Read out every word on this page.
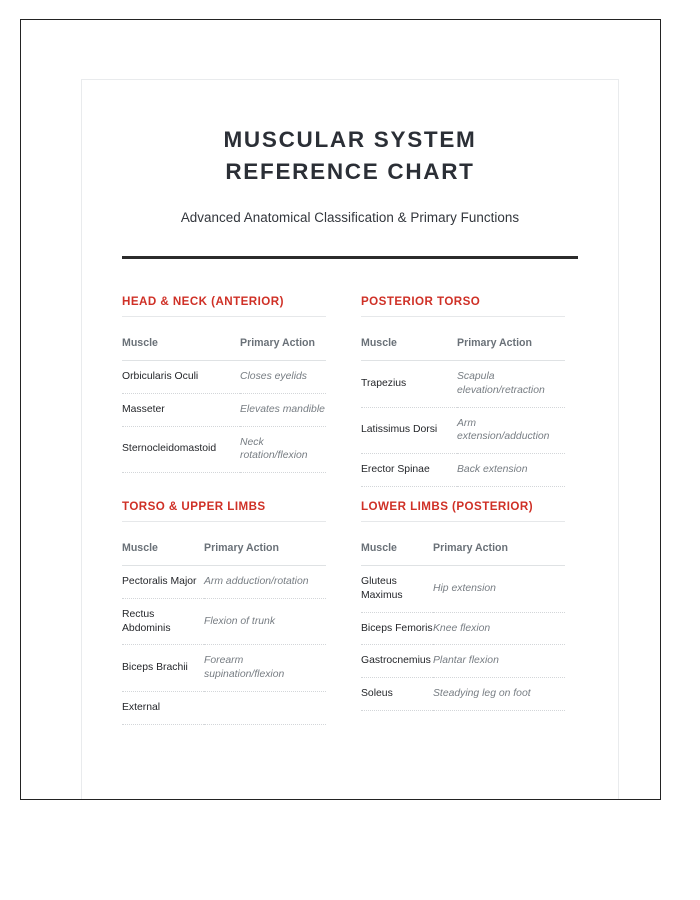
MUSCULAR SYSTEM
REFERENCE CHART

Advanced Anatomical Classification & Primary Functions

HEAD & NECK (ANTERIOR)
Muscle	Primary Action
Orbicularis Oculi	Closes eyelids
Masseter	Elevates mandible
Sternocleidomastoid	Neck rotation/flexion
POSTERIOR TORSO
Muscle	Primary Action
Trapezius	Scapula elevation/retraction
Latissimus Dorsi	Arm extension/adduction
Erector Spinae	Back extension
TORSO & UPPER LIMBS
Muscle	Primary Action
Pectoralis Major	Arm adduction/rotation
Rectus Abdominis	Flexion of trunk
Biceps Brachii	Forearm supination/flexion
External	
LOWER LIMBS (POSTERIOR)
Muscle	Primary Action
Gluteus Maximus	Hip extension
Biceps Femoris	Knee flexion
Gastrocnemius	Plantar flexion
Soleus	Steadying leg on foot
